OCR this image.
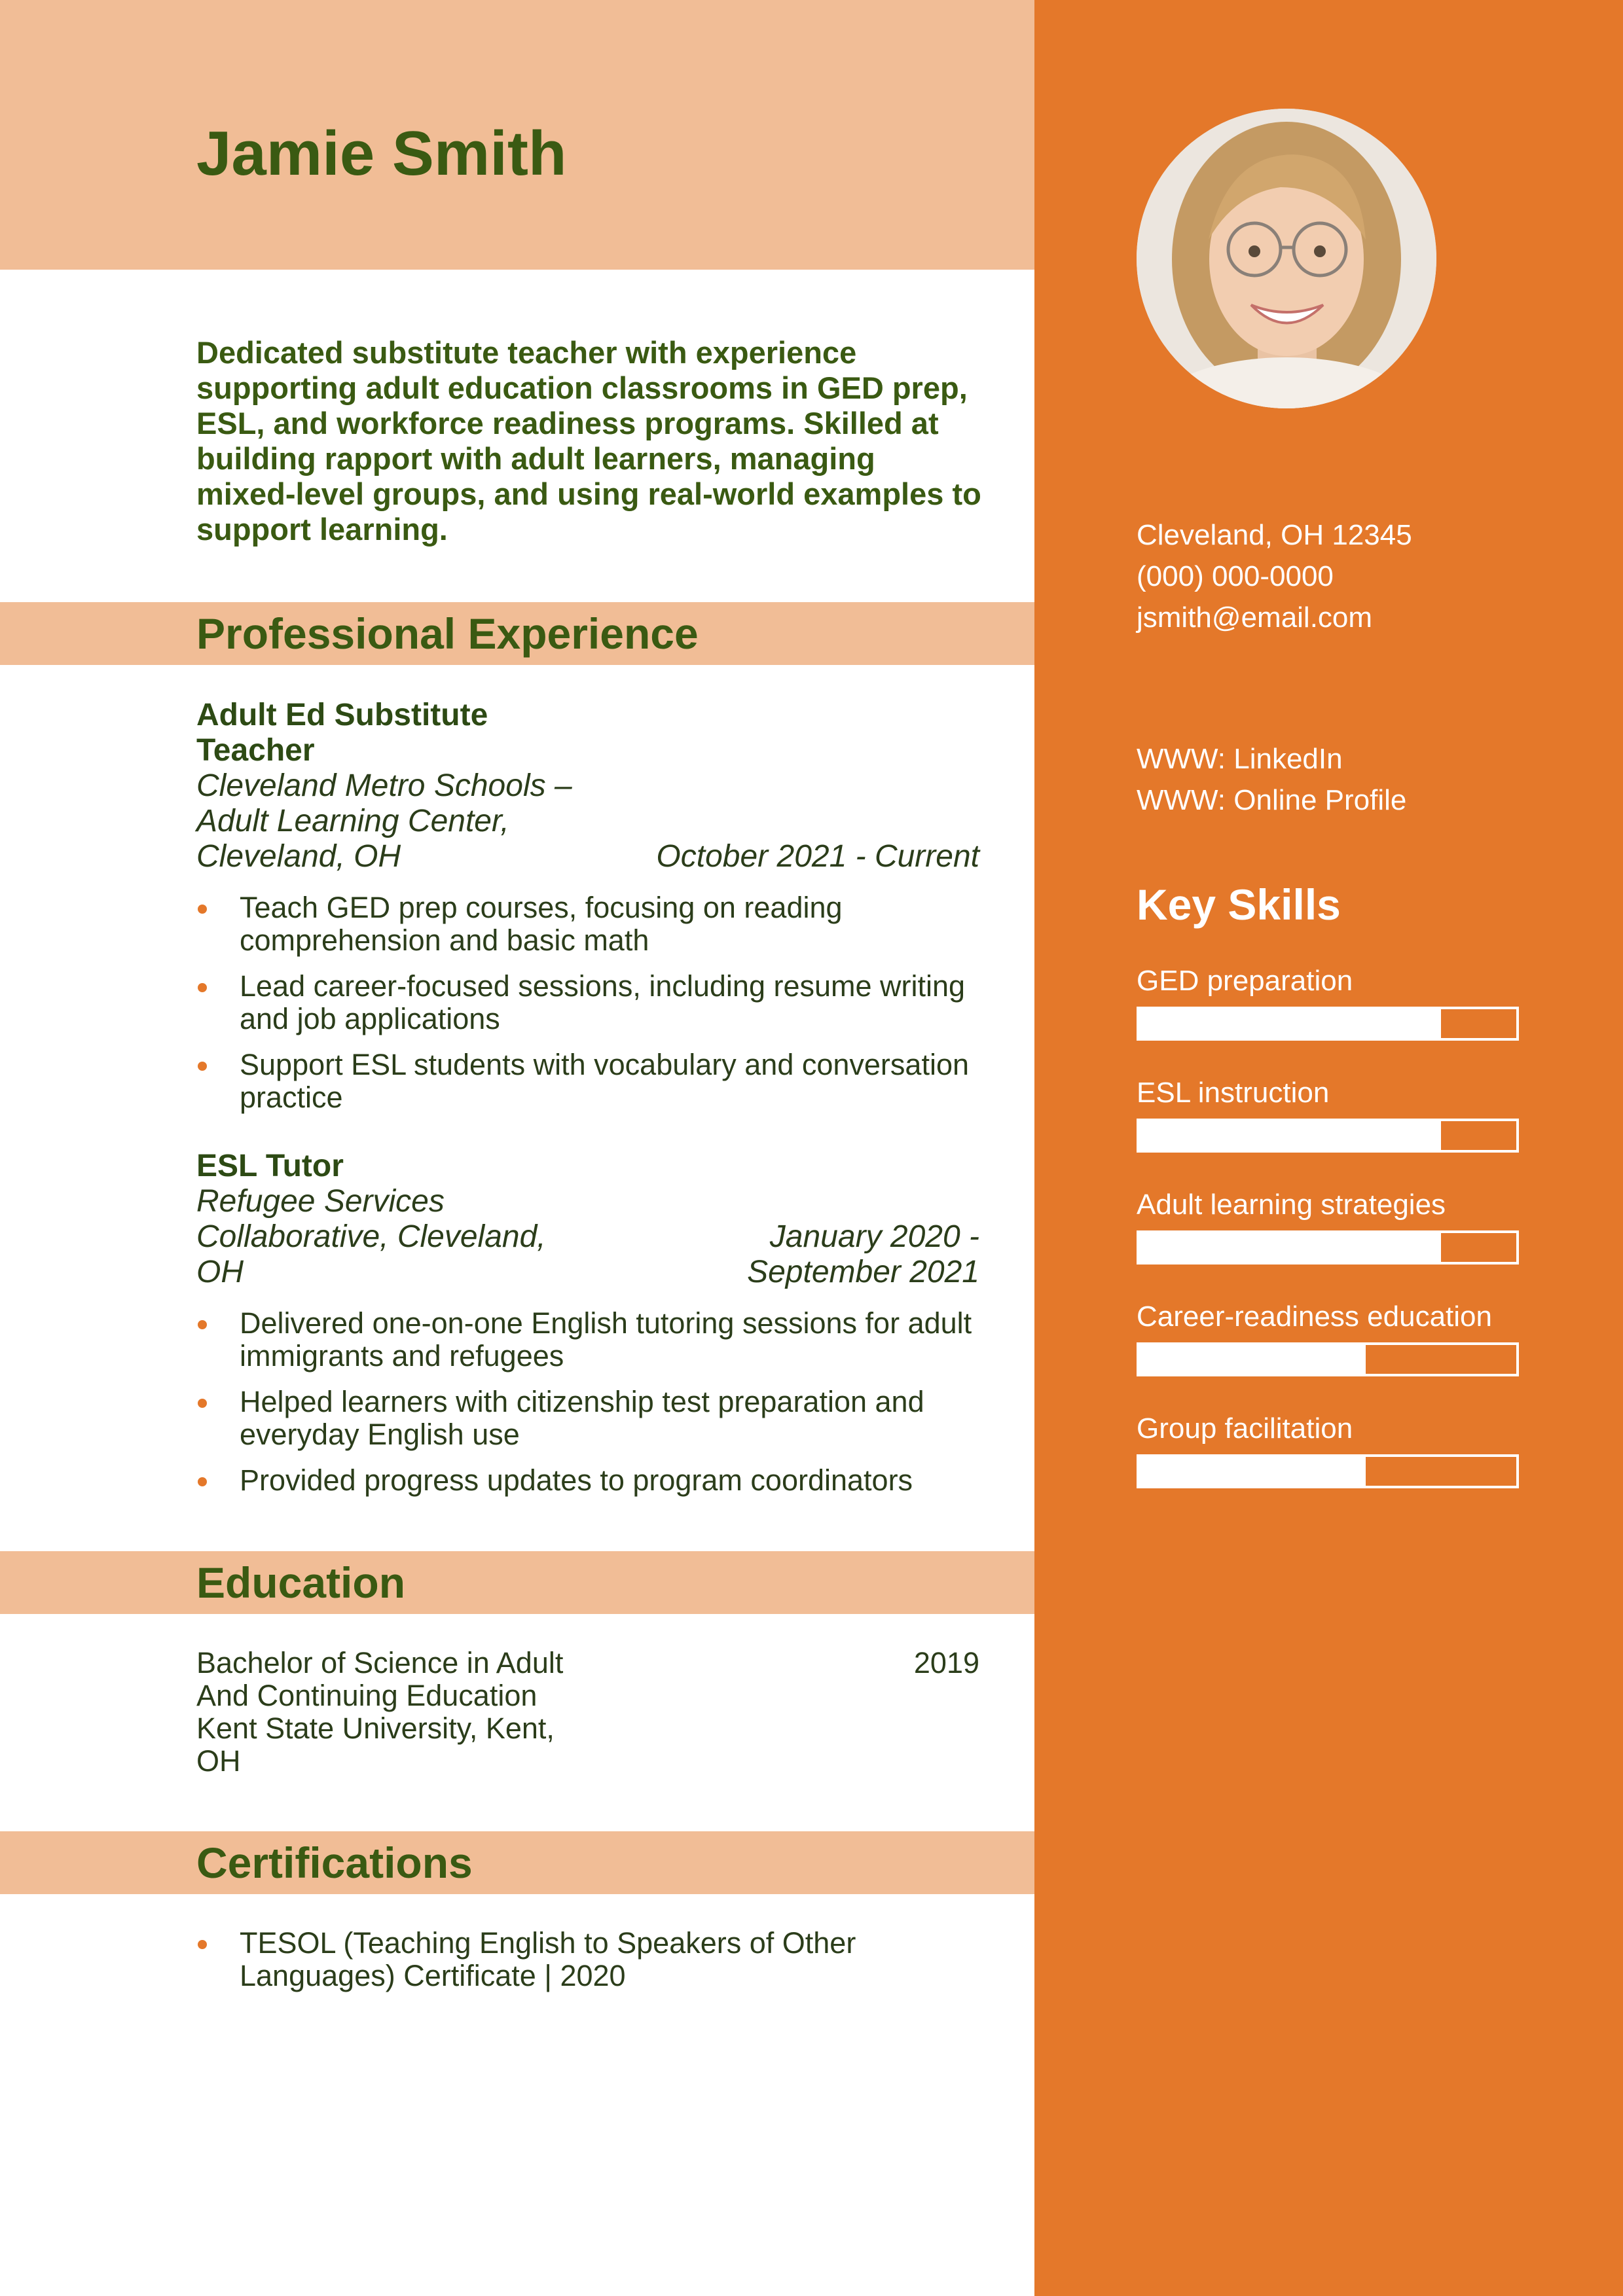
Jamie Smith

Dedicated substitute teacher with experience supporting adult education classrooms in GED prep, ESL, and workforce readiness programs. Skilled at building rapport with adult learners, managing mixed-level groups, and using real-world examples to support learning.

Professional Experience
Adult Ed Substitute Teacher
Cleveland Metro Schools – Adult Learning Center, Cleveland, OH	October 2021 - Current
Teach GED prep courses, focusing on reading comprehension and basic math
Lead career-focused sessions, including resume writing and job applications
Support ESL students with vocabulary and conversation practice
ESL Tutor
Refugee Services Collaborative, Cleveland, OH
January 2020 - September 2021
Delivered one-on-one English tutoring sessions for adult immigrants and refugees
Helped learners with citizenship test preparation and everyday English use
Provided progress updates to program coordinators
Education
Bachelor of Science in Adult And Continuing Education
Kent State University, Kent, OH
2019
Certifications
TESOL (Teaching English to Speakers of Other Languages) Certificate | 2020
Cleveland, OH 12345
(000) 000-0000
jsmith@email.com
WWW: LinkedIn
WWW: Online Profile
Key Skills
GED preparation
ESL instruction
Adult learning strategies
Career-readiness education
Group facilitation
